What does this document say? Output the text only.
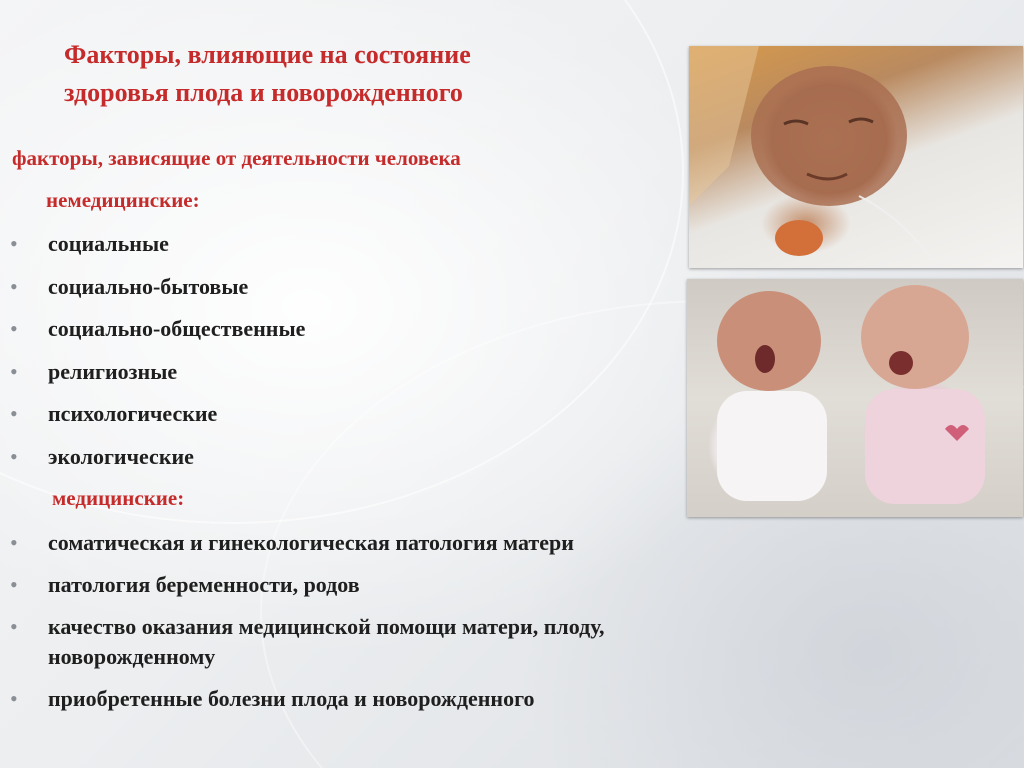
Факторы, влияющие на состояние
здоровья плода и новорожденного
факторы, зависящие от деятельности человека
немедицинские:
• социальные
• социально-бытовые
• социально-общественные
• религиозные
• психологические
• экологические
медицинские:
• соматическая и гинекологическая патология матери
• патология беременности, родов
• качество оказания медицинской помощи матери, плоду,
новорожденному
• приобретенные болезни плода и новорожденного
